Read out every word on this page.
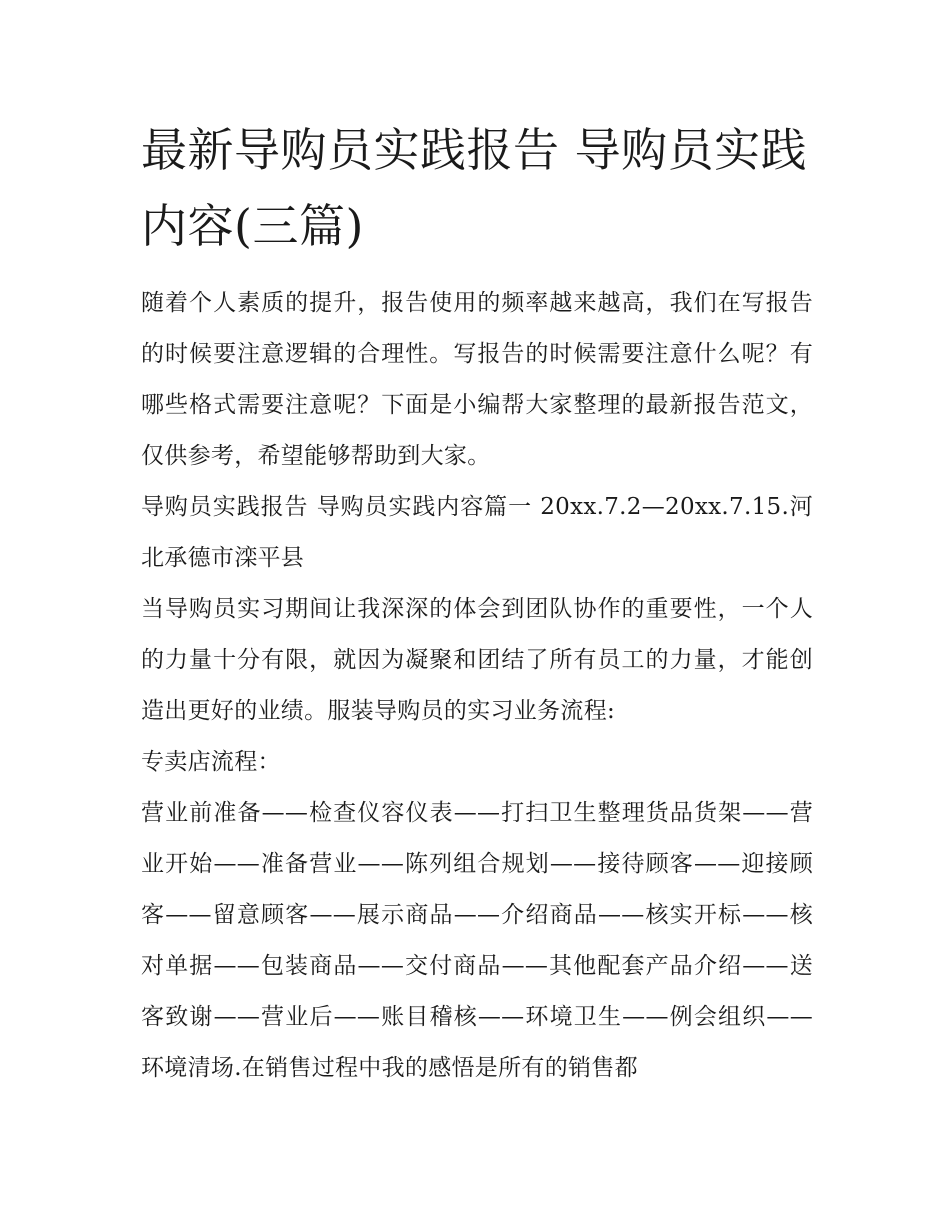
最新导购员实践报告 导购员实践内容(三篇)

随着个人素质的提升，报告使用的频率越来越高，我们在写报告的时候要注意逻辑的合理性。写报告的时候需要注意什么呢？有哪些格式需要注意呢？下面是小编帮大家整理的最新报告范文，仅供参考，希望能够帮助到大家。

导购员实践报告 导购员实践内容篇一 20xx.7.2—20xx.7.15.河北承德市滦平县

当导购员实习期间让我深深的体会到团队协作的重要性，一个人的力量十分有限，就因为凝聚和团结了所有员工的力量，才能创造出更好的业绩。服装导购员的实习业务流程:

专卖店流程：

营业前准备——检查仪容仪表——打扫卫生整理货品货架——营业开始——准备营业——陈列组合规划——接待顾客——迎接顾客——留意顾客——展示商品——介绍商品——核实开标——核对单据——包装商品——交付商品——其他配套产品介绍——送客致谢——营业后——账目稽核——环境卫生——例会组织——环境清场.在销售过程中我的感悟是所有的销售都
